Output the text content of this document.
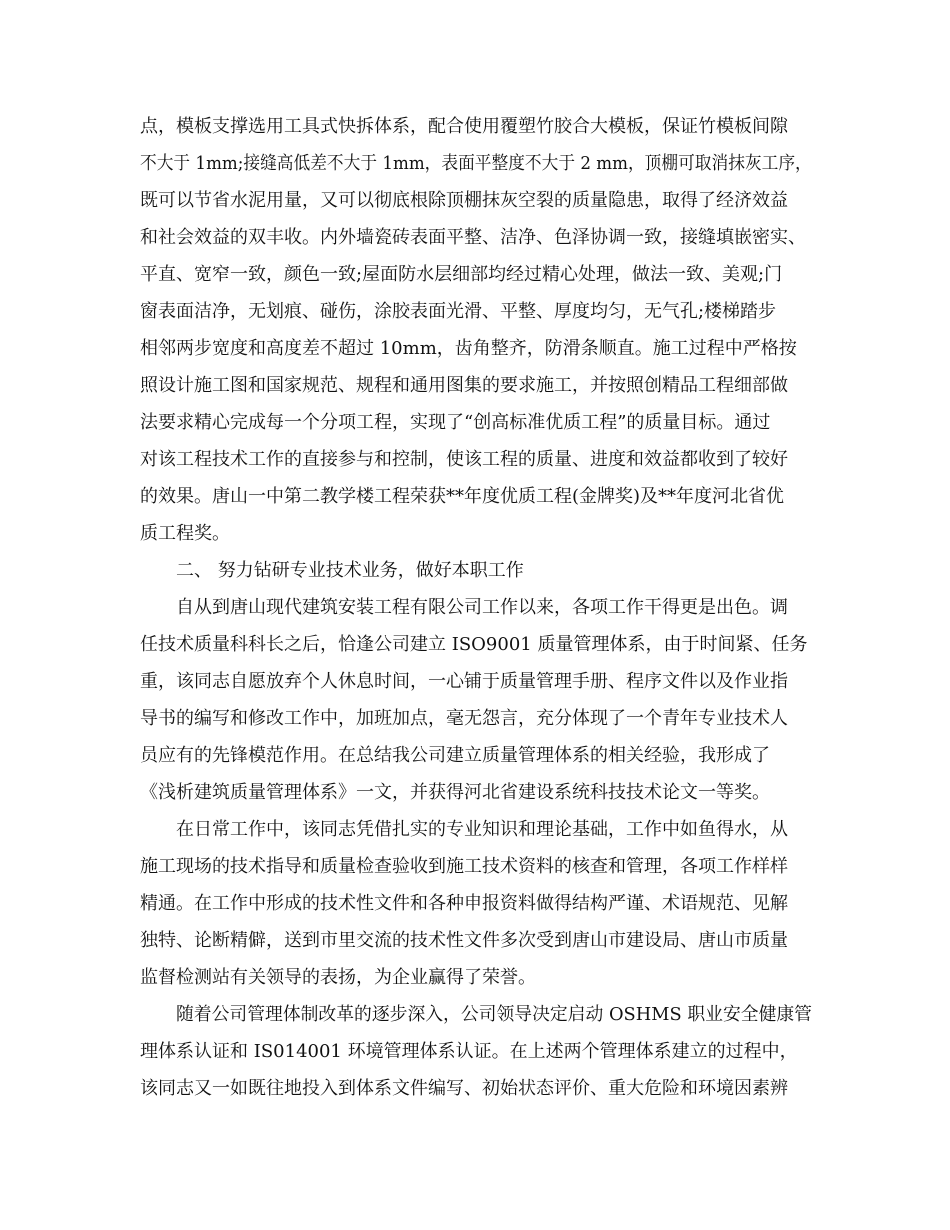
点，模板支撑选用工具式快拆体系，配合使用覆塑竹胶合大模板，保证竹模板间隙
不大于 1mm;接缝高低差不大于 1mm，表面平整度不大于 2 mm，顶棚可取消抹灰工序，
既可以节省水泥用量，又可以彻底根除顶棚抹灰空裂的质量隐患，取得了经济效益
和社会效益的双丰收。内外墙瓷砖表面平整、洁净、色泽协调一致，接缝填嵌密实、
平直、宽窄一致，颜色一致;屋面防水层细部均经过精心处理，做法一致、美观;门
窗表面洁净，无划痕、碰伤，涂胶表面光滑、平整、厚度均匀，无气孔;楼梯踏步
相邻两步宽度和高度差不超过 10mm，齿角整齐，防滑条顺直。施工过程中严格按
照设计施工图和国家规范、规程和通用图集的要求施工，并按照创精品工程细部做
法要求精心完成每一个分项工程，实现了“创高标准优质工程”的质量目标。通过
对该工程技术工作的直接参与和控制，使该工程的质量、进度和效益都收到了较好
的效果。唐山一中第二教学楼工程荣获**年度优质工程(金牌奖)及**年度河北省优
质工程奖。
二、 努力钻研专业技术业务，做好本职工作
自从到唐山现代建筑安装工程有限公司工作以来，各项工作干得更是出色。调
任技术质量科科长之后，恰逢公司建立 ISO9001 质量管理体系，由于时间紧、任务
重，该同志自愿放弃个人休息时间，一心铺于质量管理手册、程序文件以及作业指
导书的编写和修改工作中，加班加点，毫无怨言，充分体现了一个青年专业技术人
员应有的先锋模范作用。在总结我公司建立质量管理体系的相关经验，我形成了
《浅析建筑质量管理体系》一文，并获得河北省建设系统科技技术论文一等奖。
在日常工作中，该同志凭借扎实的专业知识和理论基础，工作中如鱼得水，从
施工现场的技术指导和质量检查验收到施工技术资料的核查和管理，各项工作样样
精通。在工作中形成的技术性文件和各种申报资料做得结构严谨、术语规范、见解
独特、论断精僻，送到市里交流的技术性文件多次受到唐山市建设局、唐山市质量
监督检测站有关领导的表扬，为企业赢得了荣誉。
随着公司管理体制改革的逐步深入，公司领导决定启动 OSHMS 职业安全健康管
理体系认证和 IS014001 环境管理体系认证。在上述两个管理体系建立的过程中，
该同志又一如既往地投入到体系文件编写、初始状态评价、重大危险和环境因素辨
